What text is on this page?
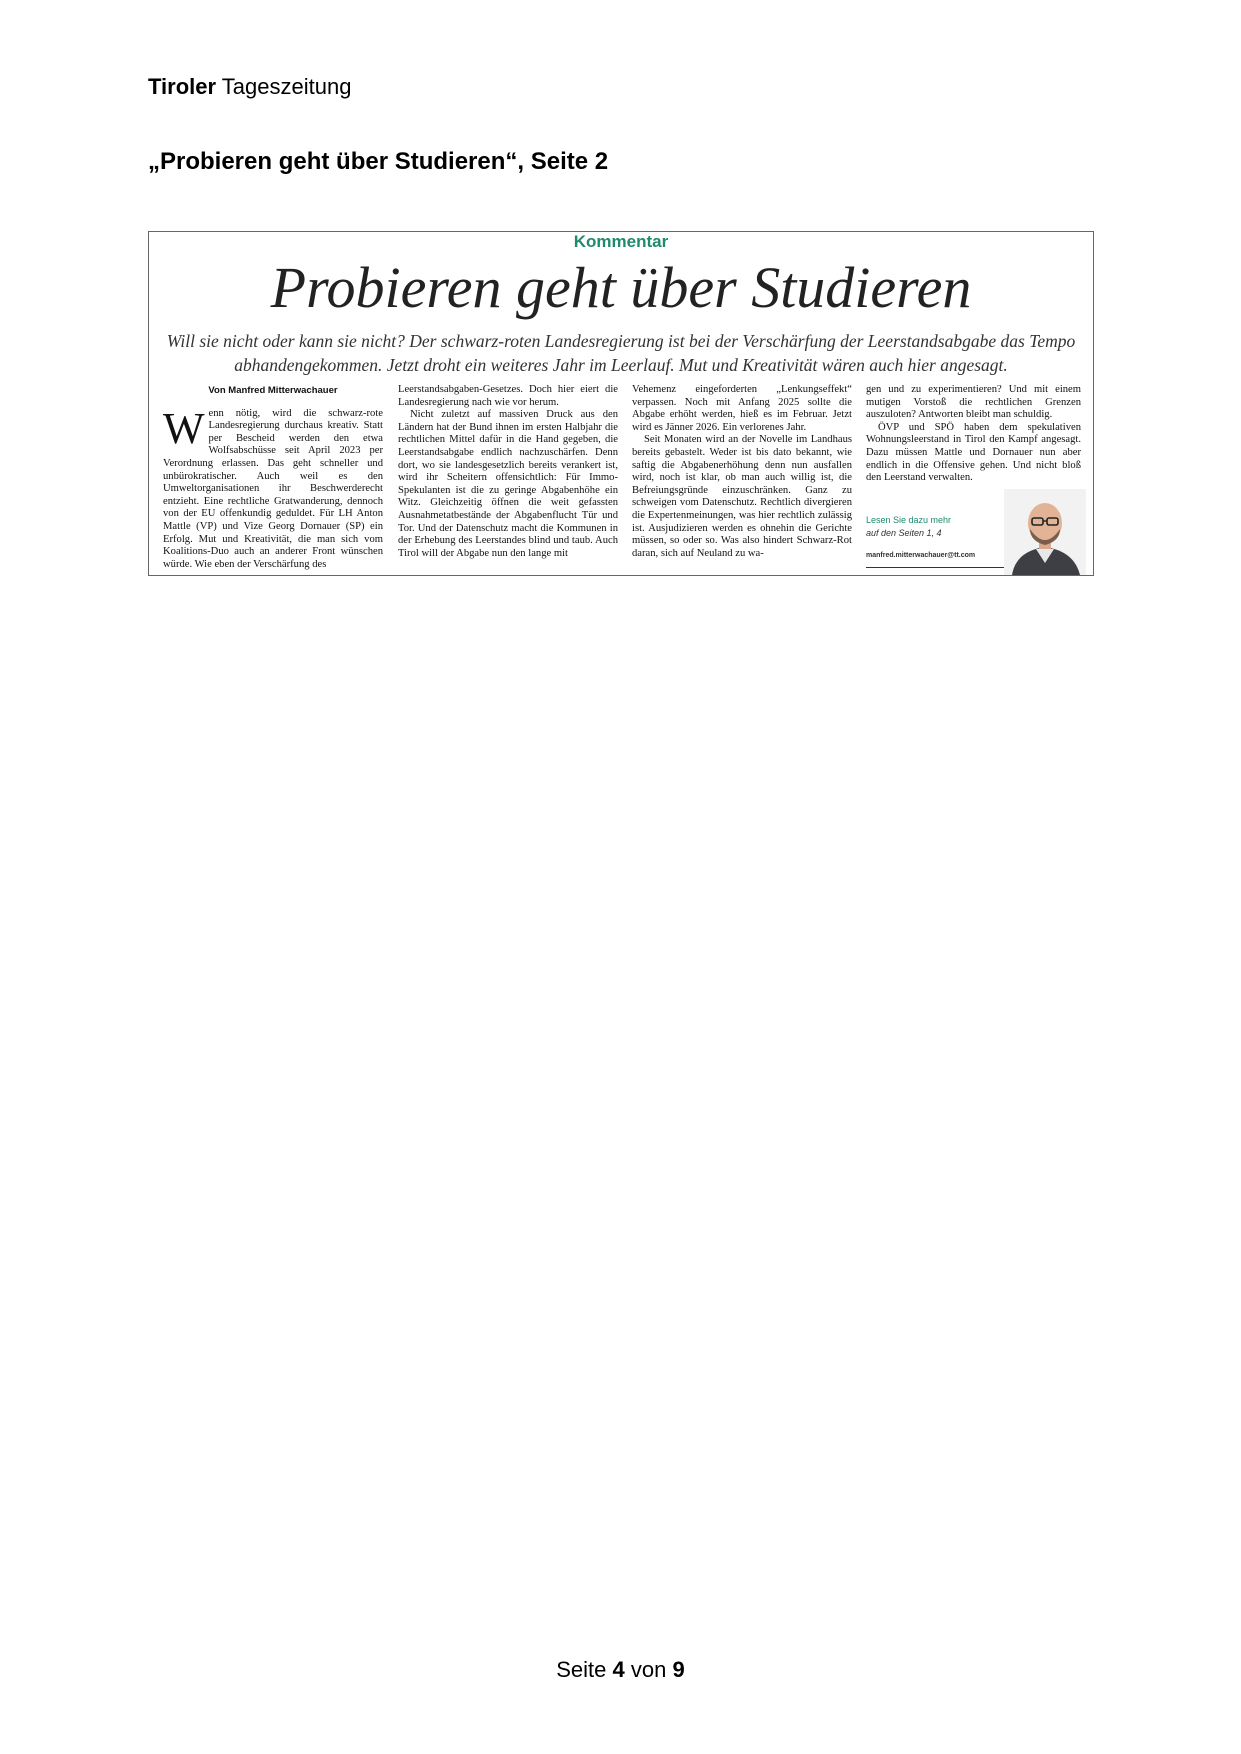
Tiroler Tageszeitung
„Probieren geht über Studieren“, Seite 2
Kommentar
Probieren geht über Studieren
Will sie nicht oder kann sie nicht? Der schwarz-roten Landesregierung ist bei der Verschärfung der Leerstandsabgabe das Tempo abhandengekommen. Jetzt droht ein weiteres Jahr im Leerlauf. Mut und Kreativität wären auch hier angesagt.
Von Manfred Mitterwachauer
W enn nötig, wird die schwarz-rote Landesregierung durchaus kreativ. Statt per Bescheid werden den etwa Wolfsabschüsse seit April 2023 per Verordnung erlassen. Das geht schneller und unbürokratischer. Auch weil es den Umweltorganisationen ihr Beschwerderecht entzieht. Eine rechtliche Gratwanderung, dennoch von der EU offenkundig geduldet. Für LH Anton Mattle (VP) und Vize Georg Dornauer (SP) ein Erfolg. Mut und Kreativität, die man sich vom Koalitions-Duo auch an anderer Front wünschen würde. Wie eben der Verschärfung des
Leerstandsabgaben-Gesetzes. Doch hier eiert die Landesregierung nach wie vor herum.
Nicht zuletzt auf massiven Druck aus den Ländern hat der Bund ihnen im ersten Halbjahr die rechtlichen Mittel dafür in die Hand gegeben, die Leerstandsabgabe endlich nachzuschärfen. Denn dort, wo sie landesgesetzlich bereits verankert ist, wird ihr Scheitern offensichtlich: Für Immo-Spekulanten ist die zu geringe Abgabenhöhe ein Witz. Gleichzeitig öffnen die weit gefassten Ausnahmetatbestände der Abgabenflucht Tür und Tor. Und der Datenschutz macht die Kommunen in der Erhebung des Leerstandes blind und taub. Auch Tirol will der Abgabe nun den lange mit
Vehemenz eingeforderten „Lenkungseffekt“ verpassen. Noch mit Anfang 2025 sollte die Abgabe erhöht werden, hieß es im Februar. Jetzt wird es Jänner 2026. Ein verlorenes Jahr.
Seit Monaten wird an der Novelle im Landhaus bereits gebastelt. Weder ist bis dato bekannt, wie saftig die Abgabenerhöhung denn nun ausfallen wird, noch ist klar, ob man auch willig ist, die Befreiungsgründe einzuschränken. Ganz zu schweigen vom Datenschutz. Rechtlich divergieren die Expertenmeinungen, was hier rechtlich zulässig ist. Ausjudizieren werden es ohnehin die Gerichte müssen, so oder so. Was also hindert Schwarz-Rot daran, sich auf Neuland zu wa-
gen und zu experimentieren? Und mit einem mutigen Vorstoß die rechtlichen Grenzen auszuloten? Antworten bleibt man schuldig.
ÖVP und SPÖ haben dem spekulativen Wohnungsleerstand in Tirol den Kampf angesagt. Dazu müssen Mattle und Dornauer nun aber endlich in die Offensive gehen. Und nicht bloß den Leerstand verwalten.
Lesen Sie dazu mehr
auf den Seiten 1, 4
manfred.mitterwachauer@tt.com
Seite 4 von 9
